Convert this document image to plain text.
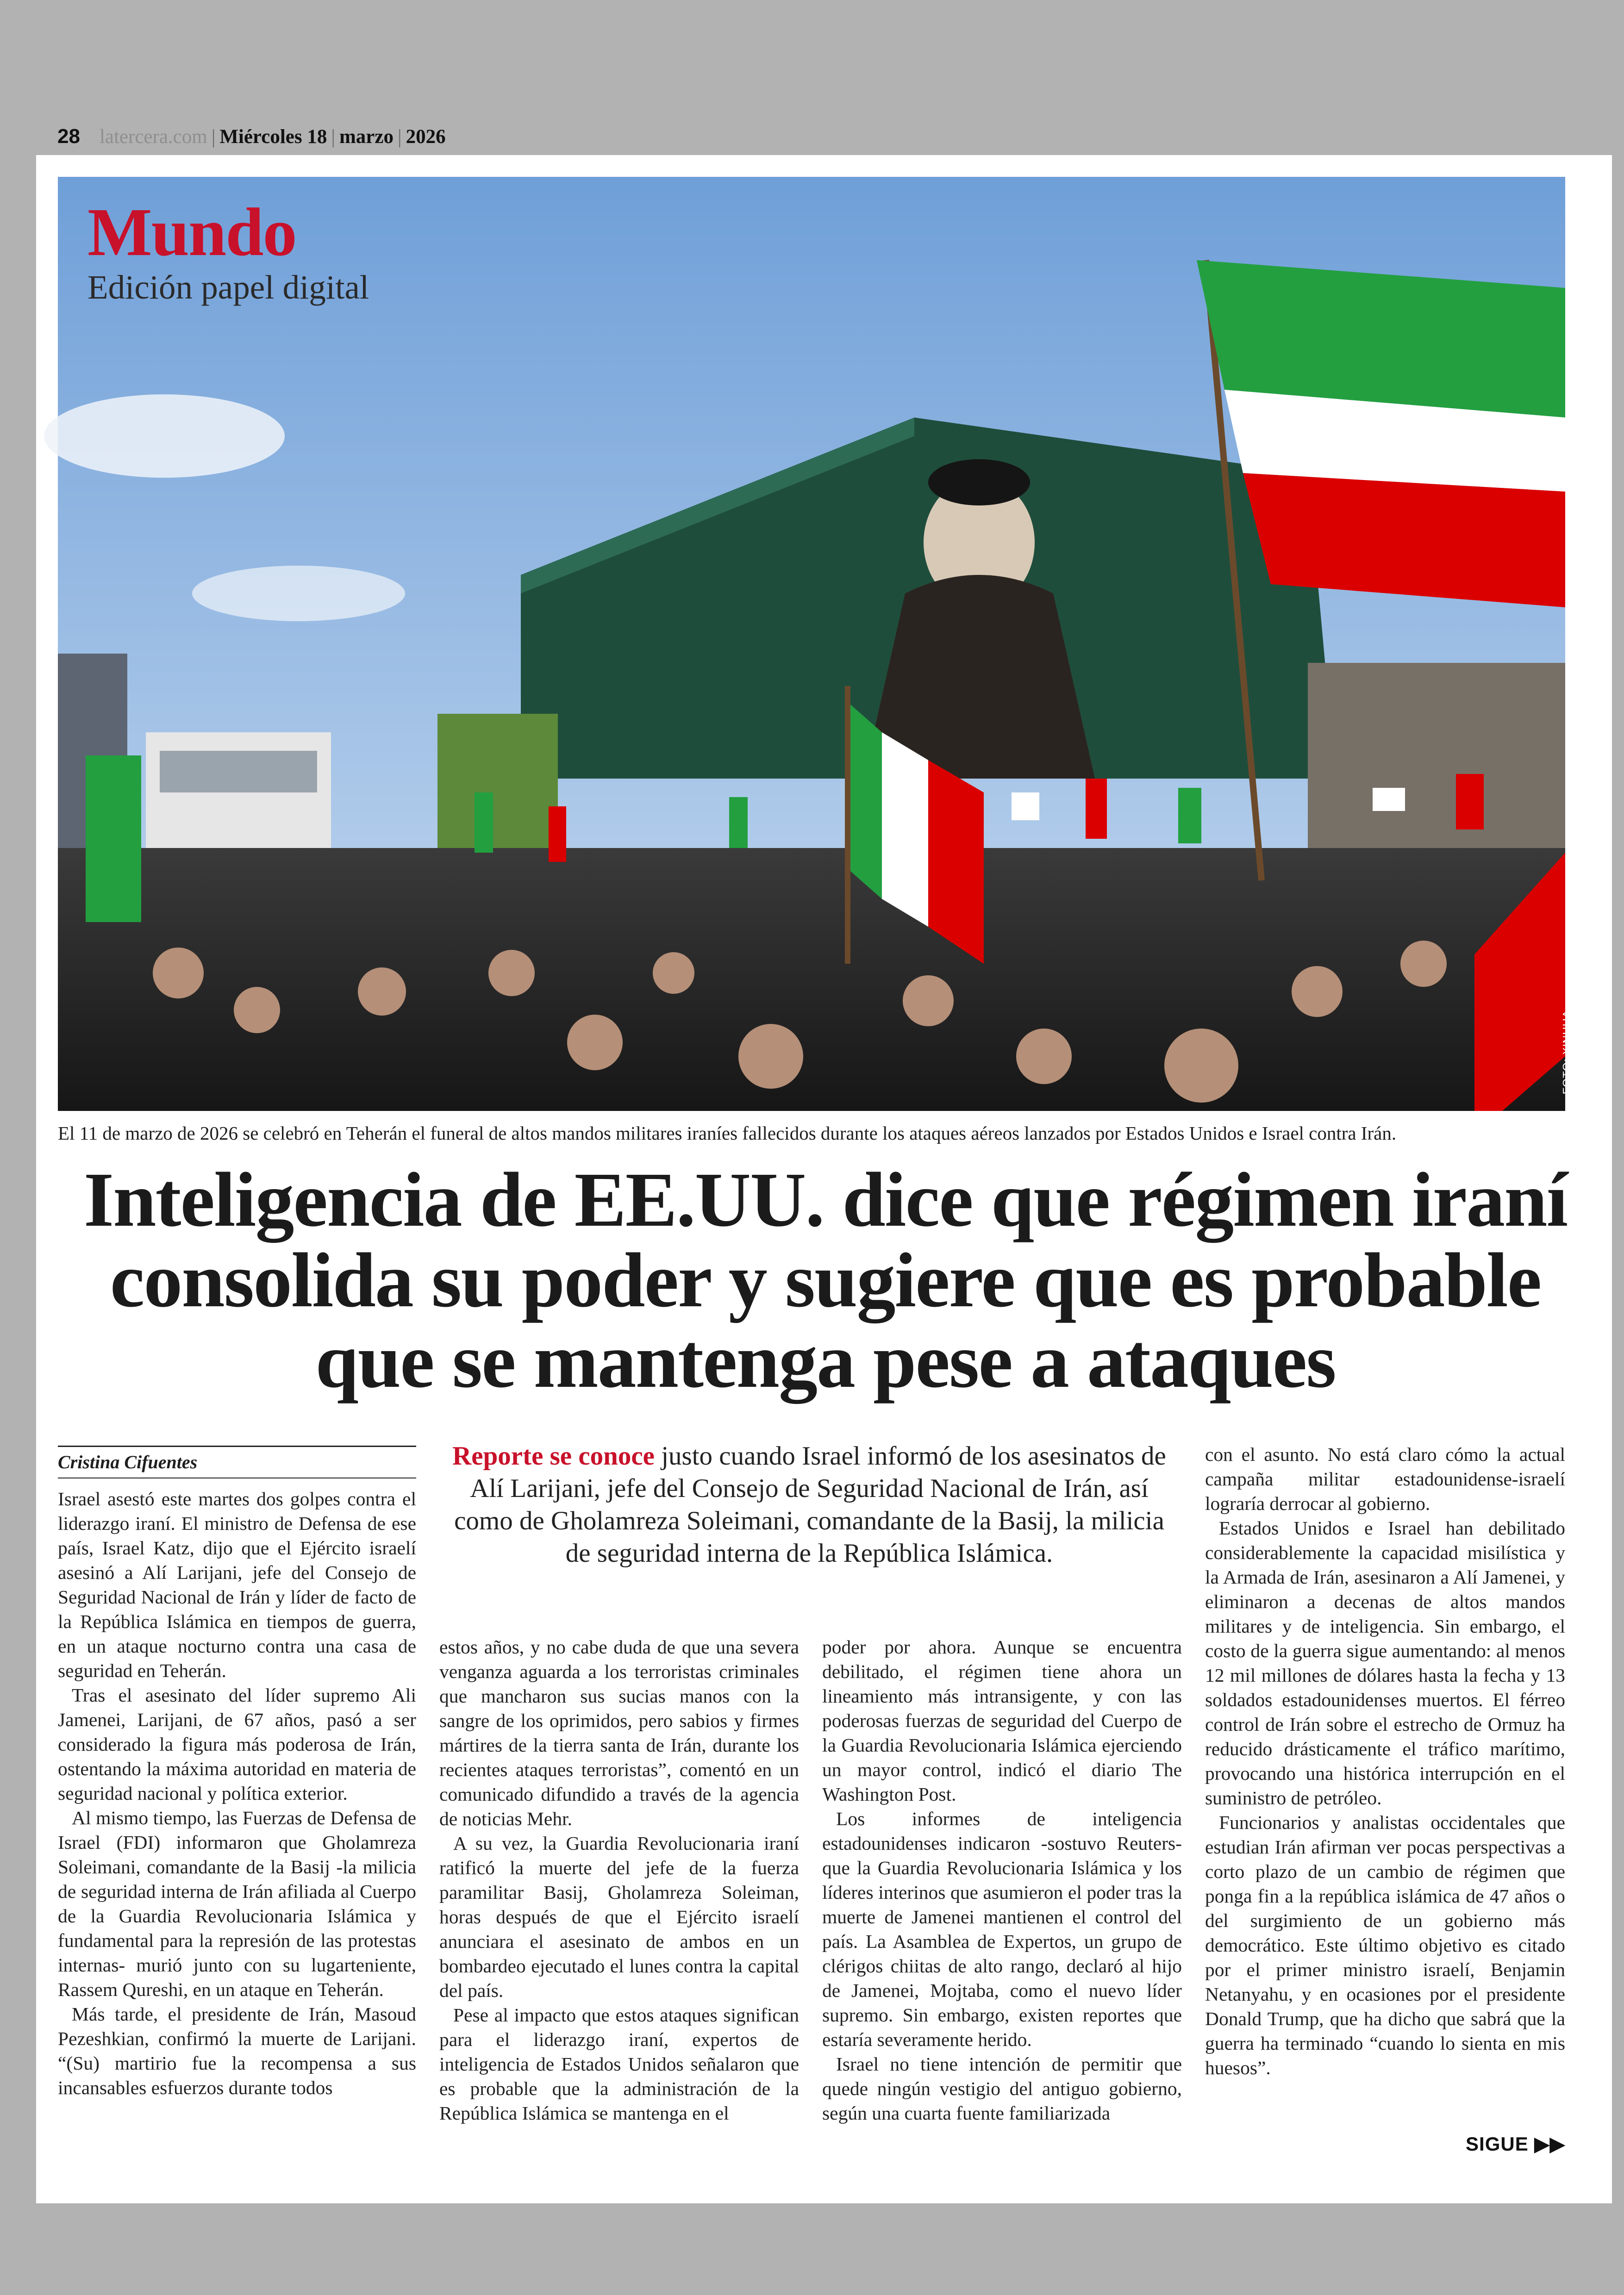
28 latercera.com | Miércoles 18 | marzo | 2026
Mundo
Edición papel digital
FOTO: XINHUA
El 11 de marzo de 2026 se celebró en Teherán el funeral de altos mandos militares iraníes fallecidos durante los ataques aéreos lanzados por Estados Unidos e Israel contra Irán.
Inteligencia de EE.UU. dice que régimen iraní consolida su poder y sugiere que es probable que se mantenga pese a ataques
Cristina Cifuentes	Reporte se conoce justo cuando Israel informó de los asesinatos de Alí Larijani, jefe del Consejo de Seguridad Nacional de Irán, así como de Gholamreza Soleimani, comandante de la Basij, la milicia de seguridad interna de la República Islámica.

Israel asestó este martes dos golpes contra el liderazgo iraní. El ministro de Defensa de ese país, Israel Katz, dijo que el Ejército israelí asesinó a Alí Larijani, jefe del Consejo de Seguridad Nacional de Irán y líder de facto de la República Islámica en tiempos de guerra, en un ataque nocturno contra una casa de seguridad en Teherán.

Tras el asesinato del líder supremo Ali Jamenei, Larijani, de 67 años, pasó a ser considerado la figura más poderosa de Irán, ostentando la máxima autoridad en materia de seguridad nacional y política exterior.

Al mismo tiempo, las Fuerzas de Defensa de Israel (FDI) informaron que Gholamreza Soleimani, comandante de la Basij -la milicia de seguridad interna de Irán afiliada al Cuerpo de la Guardia Revolucionaria Islámica y fundamental para la represión de las protestas internas- murió junto con su lugarteniente, Rassem Qureshi, en un ataque en Teherán.

Más tarde, el presidente de Irán, Masoud Pezeshkian, confirmó la muerte de Larijani. “(Su) martirio fue la recompensa a sus incansables esfuerzos durante todos

estos años, y no cabe duda de que una severa venganza aguarda a los terroristas criminales que mancharon sus sucias manos con la sangre de los oprimidos, pero sabios y firmes mártires de la tierra santa de Irán, durante los recientes ataques terroristas”, comentó en un comunicado difundido a través de la agencia de noticias Mehr.

A su vez, la Guardia Revolucionaria iraní ratificó la muerte del jefe de la fuerza paramilitar Basij, Gholamreza Soleiman, horas después de que el Ejército israelí anunciara el asesinato de ambos en un bombardeo ejecutado el lunes contra la capital del país.

Pese al impacto que estos ataques significan para el liderazgo iraní, expertos de inteligencia de Estados Unidos señalaron que es probable que la administración de la República Islámica se mantenga en el

poder por ahora. Aunque se encuentra debilitado, el régimen tiene ahora un lineamiento más intransigente, y con las poderosas fuerzas de seguridad del Cuerpo de la Guardia Revolucionaria Islámica ejerciendo un mayor control, indicó el diario The Washington Post.

Los informes de inteligencia estadounidenses indicaron -sostuvo Reuters- que la Guardia Revolucionaria Islámica y los líderes interinos que asumieron el poder tras la muerte de Jamenei mantienen el control del país. La Asamblea de Expertos, un grupo de clérigos chiitas de alto rango, declaró al hijo de Jamenei, Mojtaba, como el nuevo líder supremo. Sin embargo, existen reportes que estaría severamente herido.

Israel no tiene intención de permitir que quede ningún vestigio del antiguo gobierno, según una cuarta fuente familiarizada

con el asunto. No está claro cómo la actual campaña militar estadounidense-israelí lograría derrocar al gobierno.

Estados Unidos e Israel han debilitado considerablemente la capacidad misilística y la Armada de Irán, asesinaron a Alí Jamenei, y eliminaron a decenas de altos mandos militares y de inteligencia. Sin embargo, el costo de la guerra sigue aumentando: al menos 12 mil millones de dólares hasta la fecha y 13 soldados estadounidenses muertos. El férreo control de Irán sobre el estrecho de Ormuz ha reducido drásticamente el tráfico marítimo, provocando una histórica interrupción en el suministro de petróleo.

Funcionarios y analistas occidentales que estudian Irán afirman ver pocas perspectivas a corto plazo de un cambio de régimen que ponga fin a la república islámica de 47 años o del surgimiento de un gobierno más democrático. Este último objetivo es citado por el primer ministro israelí, Benjamin Netanyahu, y en ocasiones por el presidente Donald Trump, que ha dicho que sabrá que la guerra ha terminado “cuando lo sienta en mis huesos”.

SIGUE ▶▶
